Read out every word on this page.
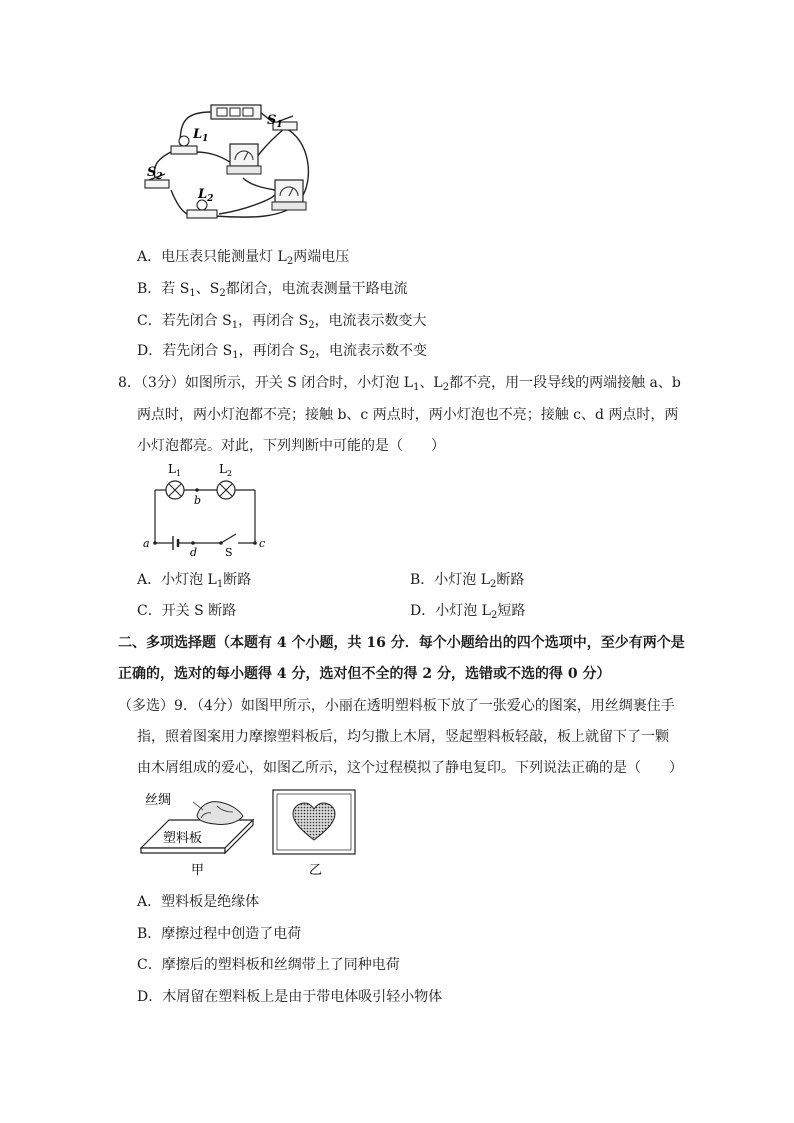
$S_1$
$L_1$
$S_2$
$L_2$
A．电压表只能测量灯 $L_2$两端电压
B．若 $S_1$、$S_2$都闭合，电流表测量干路电流
C．若先闭合 $S_1$，再闭合 $S_2$，电流表示数变大
D．若先闭合 $S_1$，再闭合 $S_2$，电流表示数不变
8．（3分）如图所示，开关 S 闭合时，小灯泡 $L_1$、$L_2$都不亮，用一段导线的两端接触 a、b
两点时，两小灯泡都不亮；接触 b、c 两点时，两小灯泡也不亮；接触 c、d 两点时，两
小灯泡都亮。对此，下列判断中可能的是（　　）
$L_1$	$L_2$
b
a
d	S
c
A．小灯泡 $L_1$断路	B．小灯泡 $L_2$断路
C．开关 S 断路	D．小灯泡 $L_2$短路
二、多项选择题（本题有 4 个小题，共 16 分．每个小题给出的四个选项中，至少有两个是
正确的，选对的每小题得 4 分，选对但不全的得 2 分，选错或不选的得 0 分）
（多选）9．（4分）如图甲所示，小丽在透明塑料板下放了一张爱心的图案，用丝绸裹住手
指，照着图案用力摩擦塑料板后，均匀撒上木屑，竖起塑料板轻敲，板上就留下了一颗
由木屑组成的爱心，如图乙所示，这个过程模拟了静电复印。下列说法正确的是（　　）
丝绸
塑料板
甲	乙
A．塑料板是绝缘体
B．摩擦过程中创造了电荷
C．摩擦后的塑料板和丝绸带上了同种电荷
D．木屑留在塑料板上是由于带电体吸引轻小物体
